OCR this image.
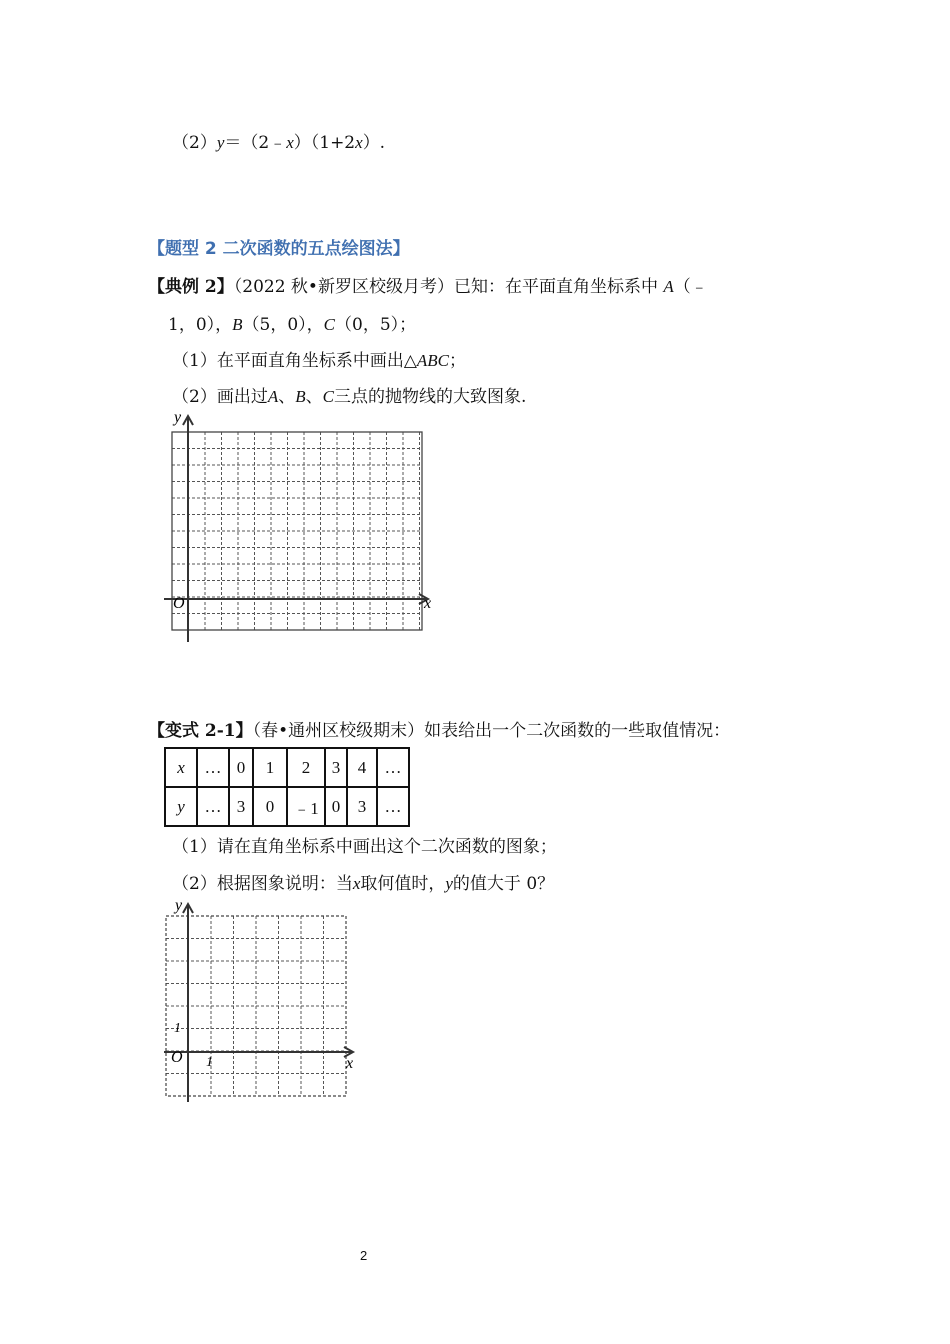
（2）y＝（2﹣x）（1+2x）.
【题型 2 二次函数的五点绘图法】
【典例 2】（2022 秋•新罗区校级月考）已知：在平面直角坐标系中 A（﹣
1，0），B（5，0），C（0，5）；
（1）在平面直角坐标系中画出△ABC；
（2）画出过A、B、C三点的抛物线的大致图象.
y
x
O
【变式 2-1】（春•通州区校级期末）如表给出一个二次函数的一些取值情况：
x	…	0	1	2	3	4	…
y	…	3	0	﹣1	0	3	…
（1）请在直角坐标系中画出这个二次函数的图象；
（2）根据图象说明：当x取何值时，y的值大于 0？
y
x
O
1
1
2
